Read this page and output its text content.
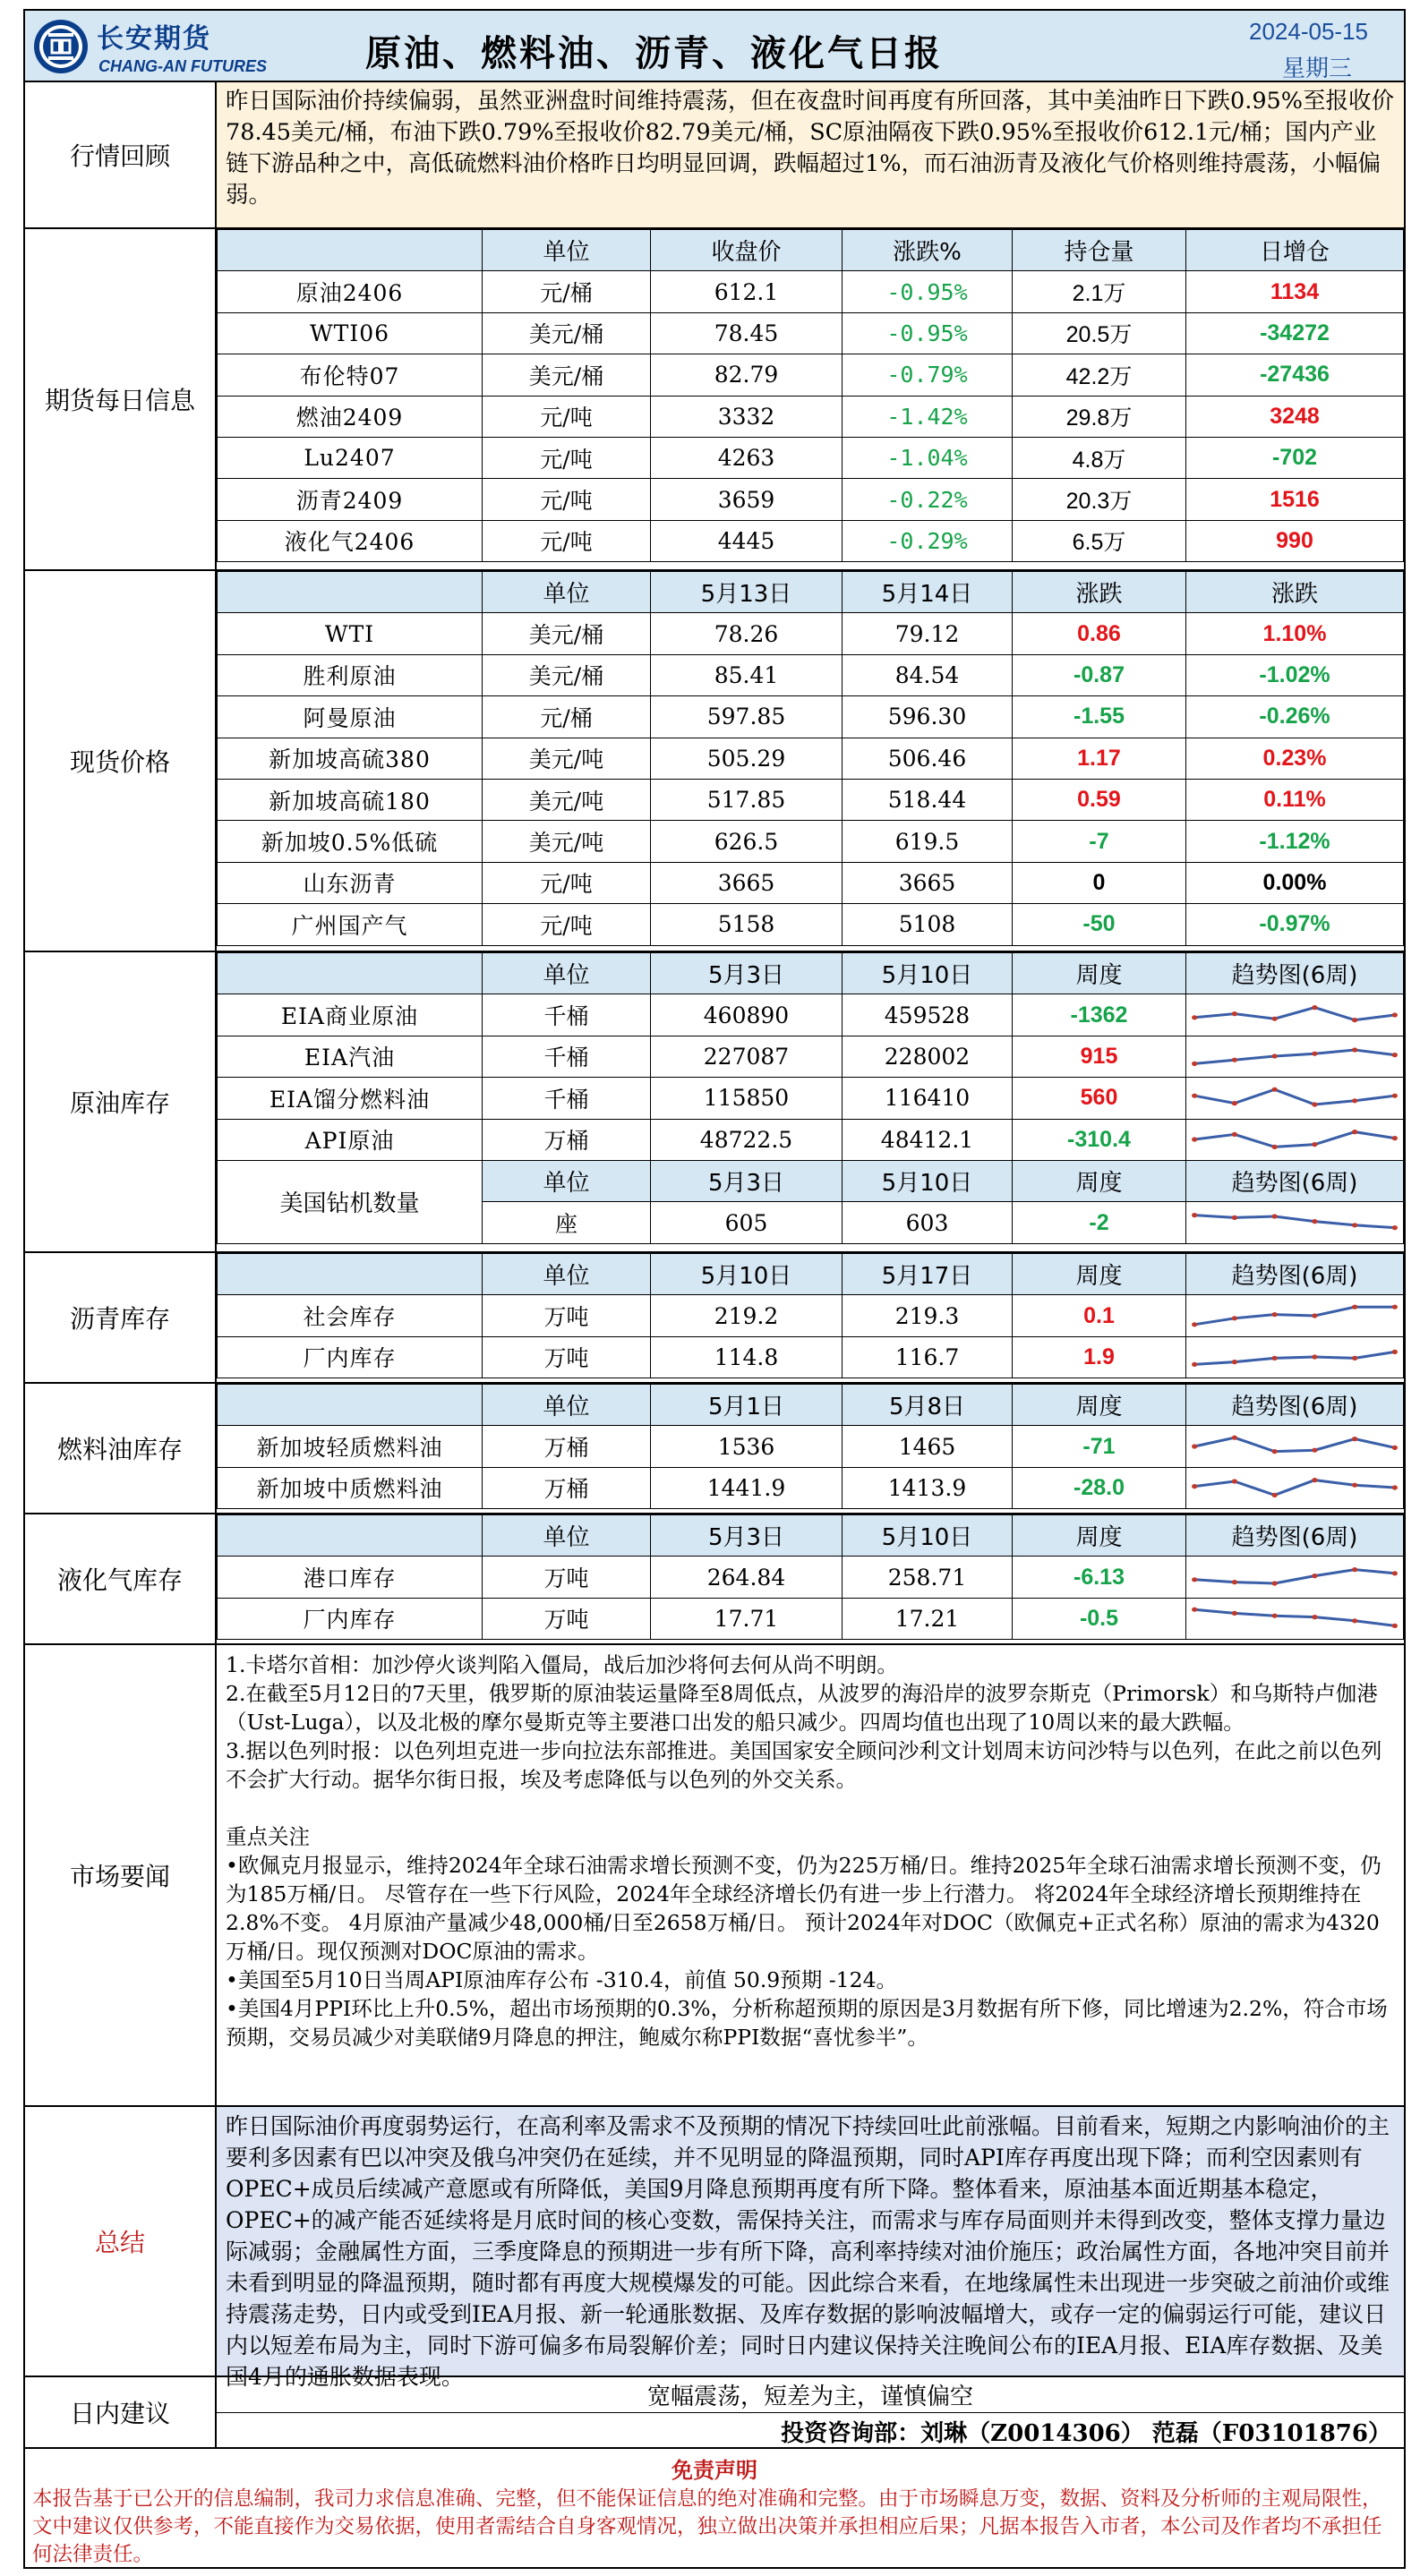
长安期货
CHANG-AN FUTURES	原油、燃料油、沥青、液化气日报
2024-05-15
星期三
行情回顾
昨日国际油价持续偏弱，虽然亚洲盘时间维持震荡，但在夜盘时间再度有所回落，其中美油昨日下跌0.95%至报收价78.45美元/桶，布油下跌0.79%至报收价82.79美元/桶，SC原油隔夜下跌0.95%至报收价612.1元/桶；国内产业链下游品种之中，高低硫燃料油价格昨日均明显回调，跌幅超过1%，而石油沥青及液化气价格则维持震荡，小幅偏弱。
期货每日信息
	单位	收盘价	涨跌%	持仓量	日增仓
原油2406	元/桶	612.1	-0.95%	2.1万	1134
WTI06	美元/桶	78.45	-0.95%	20.5万	-34272
布伦特07	美元/桶	82.79	-0.79%	42.2万	-27436
燃油2409	元/吨	3332	-1.42%	29.8万	3248
Lu2407	元/吨	4263	-1.04%	4.8万	-702
沥青2409	元/吨	3659	-0.22%	20.3万	1516
液化气2406	元/吨	4445	-0.29%	6.5万	990
现货价格
	单位	5月13日	5月14日	涨跌	涨跌
WTI	美元/桶	78.26	79.12	0.86	1.10%
胜利原油	美元/桶	85.41	84.54	-0.87	-1.02%
阿曼原油	元/桶	597.85	596.30	-1.55	-0.26%
新加坡高硫380	美元/吨	505.29	506.46	1.17	0.23%
新加坡高硫180	美元/吨	517.85	518.44	0.59	0.11%
新加坡0.5%低硫	美元/吨	626.5	619.5	-7	-1.12%
山东沥青	元/吨	3665	3665	0	0.00%
广州国产气	元/吨	5158	5108	-50	-0.97%
原油库存
	单位	5月3日	5月10日	周度	趋势图(6周)
EIA商业原油	千桶	460890	459528	-1362	

EIA汽油	千桶	227087	228002	915	

EIA馏分燃料油	千桶	115850	116410	560	

API原油	万桶	48722.5	48412.1	-310.4	

美国钻机数量	单位	5月3日	5月10日	周度	趋势图(6周)
	座	605	603	-2	
沥青库存
	单位	5月10日	5月17日	周度	趋势图(6周)
社会库存	万吨	219.2	219.3	0.1	

厂内库存	万吨	114.8	116.7	1.9	
燃料油库存
	单位	5月1日	5月8日	周度	趋势图(6周)
新加坡轻质燃料油	万桶	1536	1465	-71	

新加坡中质燃料油	万桶	1441.9	1413.9	-28.0	
液化气库存
	单位	5月3日	5月10日	周度	趋势图(6周)
港口库存	万吨	264.84	258.71	-6.13	

厂内库存	万吨	17.71	17.21	-0.5	
市场要闻

1.卡塔尔首相：加沙停火谈判陷入僵局，战后加沙将何去何从尚不明朗。

2.在截至5月12日的7天里，俄罗斯的原油装运量降至8周低点，从波罗的海沿岸的波罗奈斯克（Primorsk）和乌斯特卢伽港（Ust-Luga），以及北极的摩尔曼斯克等主要港口出发的船只减少。四周均值也出现了10周以来的最大跌幅。

3.据以色列时报：以色列坦克进一步向拉法东部推进。美国国家安全顾问沙利文计划周末访问沙特与以色列，在此之前以色列不会扩大行动。据华尔街日报，埃及考虑降低与以色列的外交关系。

重点关注

•欧佩克月报显示，维持2024年全球石油需求增长预测不变，仍为225万桶/日。维持2025年全球石油需求增长预测不变，仍为185万桶/日。 尽管存在一些下行风险，2024年全球经济增长仍有进一步上行潜力。 将2024年全球经济增长预期维持在2.8%不变。 4月原油产量减少48,000桶/日至2658万桶/日。 预计2024年对DOC（欧佩克+正式名称）原油的需求为4320万桶/日。现仅预测对DOC原油的需求。

•美国至5月10日当周API原油库存公布 -310.4，前值 50.9预期 -124。

•美国4月PPI环比上升0.5%，超出市场预期的0.3%，分析称超预期的原因是3月数据有所下修，同比增速为2.2%，符合市场预期，交易员减少对美联储9月降息的押注，鲍威尔称PPI数据“喜忧参半”。

总结
昨日国际油价再度弱势运行，在高利率及需求不及预期的情况下持续回吐此前涨幅。目前看来，短期之内影响油价的主要利多因素有巴以冲突及俄乌冲突仍在延续，并不见明显的降温预期，同时API库存再度出现下降；而利空因素则有OPEC+成员后续减产意愿或有所降低，美国9月降息预期再度有所下降。整体看来，原油基本面近期基本稳定，OPEC+的减产能否延续将是月底时间的核心变数，需保持关注，而需求与库存局面则并未得到改变，整体支撑力量边际减弱；金融属性方面，三季度降息的预期进一步有所下降，高利率持续对油价施压；政治属性方面，各地冲突目前并未看到明显的降温预期，随时都有再度大规模爆发的可能。因此综合来看，在地缘属性未出现进一步突破之前油价或维持震荡走势，日内或受到IEA月报、新一轮通胀数据、及库存数据的影响波幅增大，或存一定的偏弱运行可能，建议日内以短差布局为主，同时下游可偏多布局裂解价差；同时日内建议保持关注晚间公布的IEA月报、EIA库存数据、及美国4月的通胀数据表现。
日内建议
宽幅震荡，短差为主，谨慎偏空
投资咨询部：刘琳（Z0014306） 范磊（F03101876）
免责声明
本报告基于已公开的信息编制，我司力求信息准确、完整，但不能保证信息的绝对准确和完整。由于市场瞬息万变，数据、资料及分析师的主观局限性，文中建议仅供参考，不能直接作为交易依据，使用者需结合自身客观情况，独立做出决策并承担相应后果；凡据本报告入市者，本公司及作者均不承担任何法律责任。
